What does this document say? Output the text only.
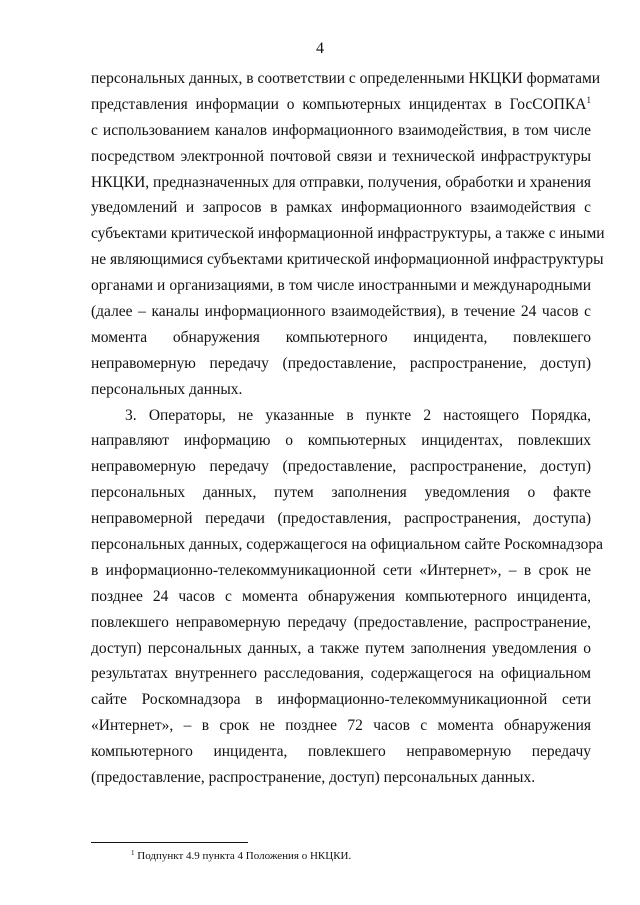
4
персональных данных, в соответствии с определенными НКЦКИ форматами
представления информации о компьютерных инцидентах в ГосСОПКА$^1$
с использованием каналов информационного взаимодействия, в том числе
посредством электронной почтовой связи и технической инфраструктуры
НКЦКИ, предназначенных для отправки, получения, обработки и хранения
уведомлений и запросов в рамках информационного взаимодействия с
субъектами критической информационной инфраструктуры, а также с иными
не являющимися субъектами критической информационной инфраструктуры
органами и организациями, в том числе иностранными и международными
(далее – каналы информационного взаимодействия), в течение 24 часов с
момента обнаружения компьютерного инцидента, повлекшего
неправомерную передачу (предоставление, распространение, доступ)
персональных данных.
3. Операторы, не указанные в пункте 2 настоящего Порядка,
направляют информацию о компьютерных инцидентах, повлекших
неправомерную передачу (предоставление, распространение, доступ)
персональных данных, путем заполнения уведомления о факте
неправомерной передачи (предоставления, распространения, доступа)
персональных данных, содержащегося на официальном сайте Роскомнадзора
в информационно-телекоммуникационной сети «Интернет», – в срок не
позднее 24 часов с момента обнаружения компьютерного инцидента,
повлекшего неправомерную передачу (предоставление, распространение,
доступ) персональных данных, а также путем заполнения уведомления о
результатах внутреннего расследования, содержащегося на официальном
сайте Роскомнадзора в информационно-телекоммуникационной сети
«Интернет», – в срок не позднее 72 часов с момента обнаружения
компьютерного инцидента, повлекшего неправомерную передачу
(предоставление, распространение, доступ) персональных данных.
$^1$ Подпункт 4.9 пункта 4 Положения о НКЦКИ.
